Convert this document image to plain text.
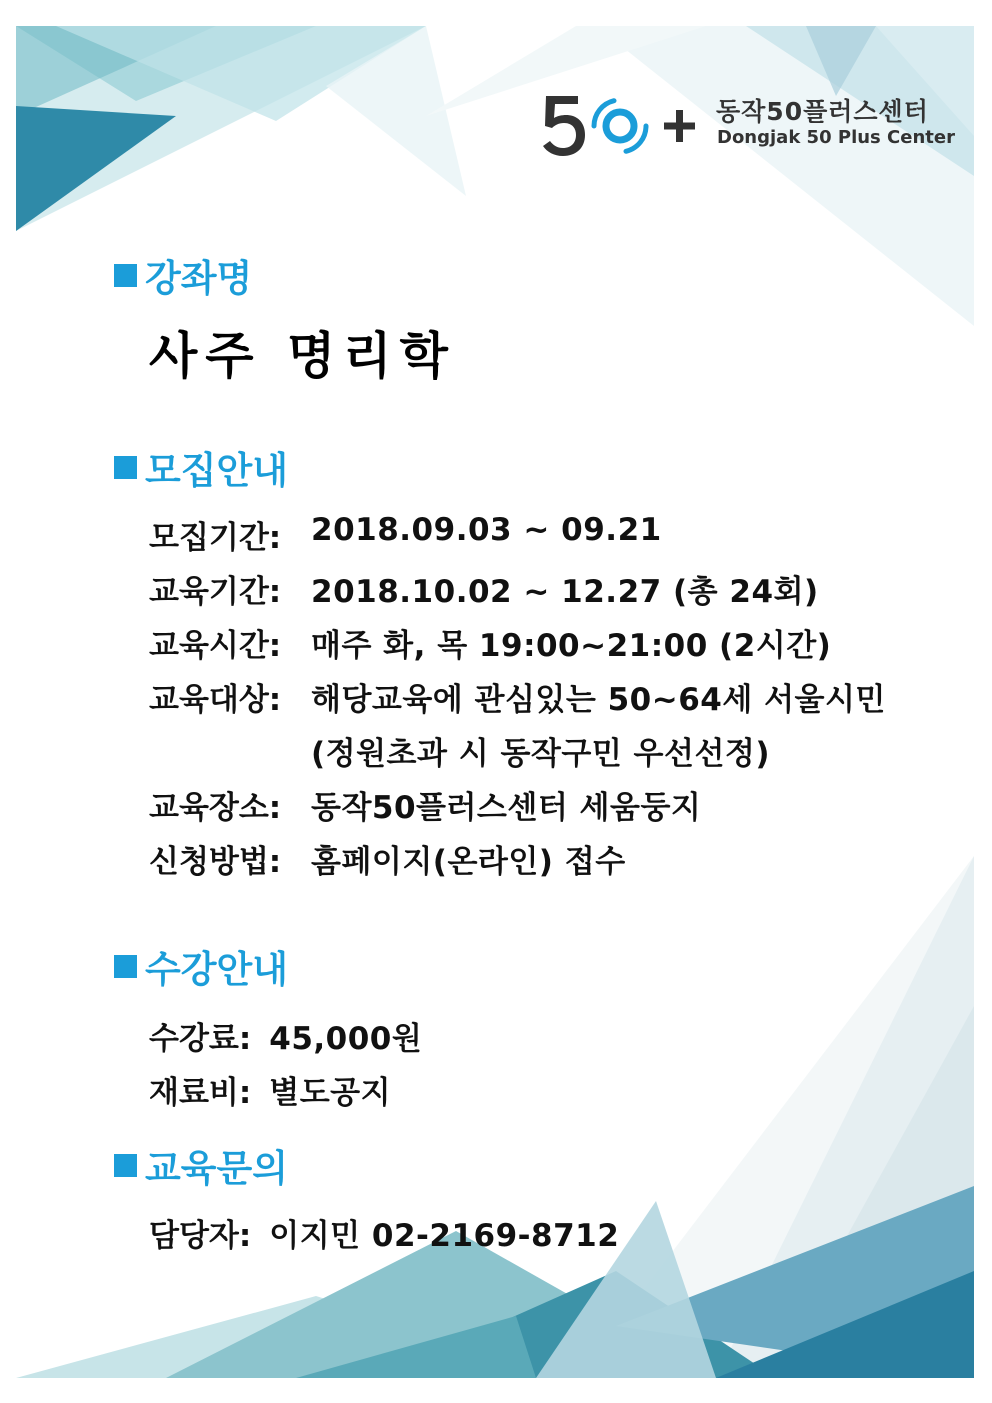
동작50플러스센터
Dongjak 50 Plus Center
강좌명
사주 명리학
모집안내
모집기간: 2018.09.03 ~ 09.21
교육기간: 2018.10.02 ~ 12.27 (총 24회)
교육시간: 매주 화, 목 19:00~21:00 (2시간)
교육대상: 해당교육에 관심있는 50~64세 서울시민
(정원초과 시 동작구민 우선선정)
교육장소: 동작50플러스센터 세움둥지
신청방법: 홈페이지(온라인) 접수
수강안내
수강료: 45,000원
재료비: 별도공지
교육문의
담당자: 이지민 02-2169-8712
